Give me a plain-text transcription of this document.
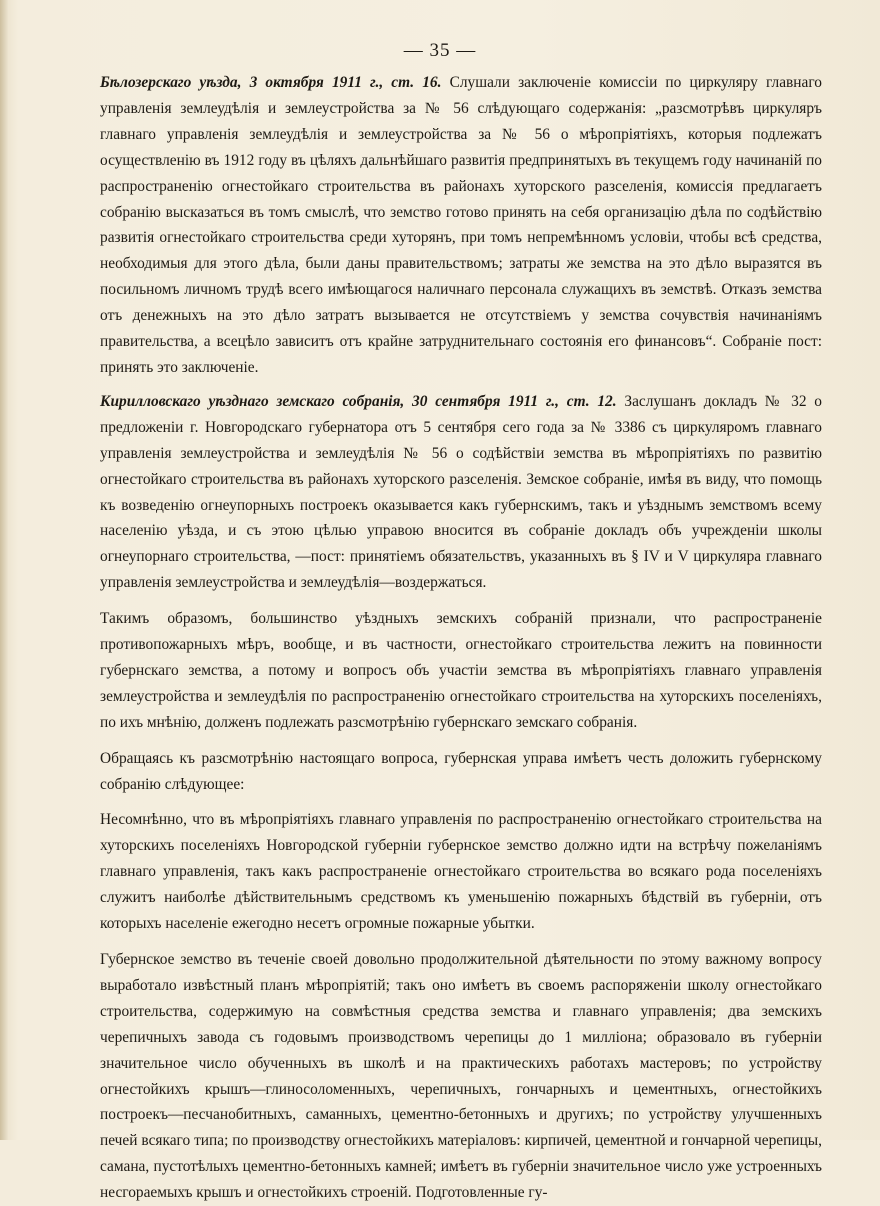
— 35 —

Бѣлозерскаго уѣзда, 3 октября 1911 г., ст. 16. Слушали заключеніе комиссіи по циркуляру главнаго управленія землеудѣлія и землеустройства за № 56 слѣдующаго содержанія: „разсмотрѣвъ циркуляръ главнаго управленія землеудѣлія и землеустройства за № 56 о мѣропріятіяхъ, которыя подлежатъ осуществленію въ 1912 году въ цѣляхъ дальнѣйшаго развитія предпринятыхъ въ текущемъ году начинаній по распространенію огнестойкаго строительства въ районахъ хуторского разселенія, комиссія предлагаетъ собранію высказаться въ томъ смыслѣ, что земство готово принять на себя организацію дѣла по содѣйствію развитія огнестойкаго строительства среди хуторянъ, при томъ непремѣнномъ условіи, чтобы всѣ средства, необходимыя для этого дѣла, были даны правительствомъ; затраты же земства на это дѣло выразятся въ посильномъ личномъ трудѣ всего имѣющагося наличнаго персонала служащихъ въ земствѣ. Отказъ земства отъ денежныхъ на это дѣло затратъ вызывается не отсутствіемъ у земства сочувствія начинаніямъ правительства, а всецѣло зависитъ отъ крайне затруднительнаго состоянія его финансовъ“. Собраніе пост: принять это заключеніе.

Кирилловскаго уѣзднаго земскаго собранія, 30 сентября 1911 г., ст. 12. Заслушанъ докладъ № 32 о предложеніи г. Новгородскаго губернатора отъ 5 сентября сего года за № 3386 съ циркуляромъ главнаго управленія землеустройства и землеудѣлія № 56 о содѣйствіи земства въ мѣропріятіяхъ по развитію огнестойкаго строительства въ районахъ хуторского разселенія. Земское собраніе, имѣя въ виду, что помощь къ возведенію огнеупорныхъ построекъ оказывается какъ губернскимъ, такъ и уѣзднымъ земствомъ всему населенію уѣзда, и съ этою цѣлью управою вносится въ собраніе докладъ объ учрежденіи школы огнеупорнаго строительства, —пост: принятіемъ обязательствъ, указанныхъ въ § IV и V циркуляра главнаго управленія землеустройства и землеудѣлія—воздержаться.

Такимъ образомъ, большинство уѣздныхъ земскихъ собраній признали, что распространеніе противопожарныхъ мѣръ, вообще, и въ частности, огнестойкаго строительства лежитъ на повинности губернскаго земства, а потому и вопросъ объ участіи земства въ мѣропріятіяхъ главнаго управленія землеустройства и землеудѣлія по распространенію огнестойкаго строительства на хуторскихъ поселеніяхъ, по ихъ мнѣнію, долженъ подлежать разсмотрѣнію губернскаго земскаго собранія.

Обращаясь къ разсмотрѣнію настоящаго вопроса, губернская управа имѣетъ честь доложить губернскому собранію слѣдующее:

Несомнѣнно, что въ мѣропріятіяхъ главнаго управленія по распространенію огнестойкаго строительства на хуторскихъ поселеніяхъ Новгородской губерніи губернское земство должно идти на встрѣчу пожеланіямъ главнаго управленія, такъ какъ распространеніе огнестойкаго строительства во всякаго рода поселеніяхъ служитъ наиболѣе дѣйствительнымъ средствомъ къ уменьшенію пожарныхъ бѣдствій въ губерніи, отъ которыхъ населеніе ежегодно несетъ огромные пожарные убытки.

Губернское земство въ теченіе своей довольно продолжительной дѣятельности по этому важному вопросу выработало извѣстный планъ мѣропріятій; такъ оно имѣетъ въ своемъ распоряженіи школу огнестойкаго строительства, содержимую на совмѣстныя средства земства и главнаго управленія; два земскихъ черепичныхъ завода съ годовымъ производствомъ черепицы до 1 милліона; образовало въ губерніи значительное число обученныхъ въ школѣ и на практическихъ работахъ мастеровъ; по устройству огнестойкихъ крышъ—глиносоломенныхъ, черепичныхъ, гончарныхъ и цементныхъ, огнестойкихъ построекъ—песчанобитныхъ, саманныхъ, цементно-бетонныхъ и другихъ; по устройству улучшенныхъ печей всякаго типа; по производству огнестойкихъ матеріаловъ: кирпичей, цементной и гончарной черепицы, самана, пустотѣлыхъ цементно-бетонныхъ камней; имѣетъ въ губерніи значительное число уже устроенныхъ несгораемыхъ крышъ и огнестойкихъ строеній. Подготовленные гу-
